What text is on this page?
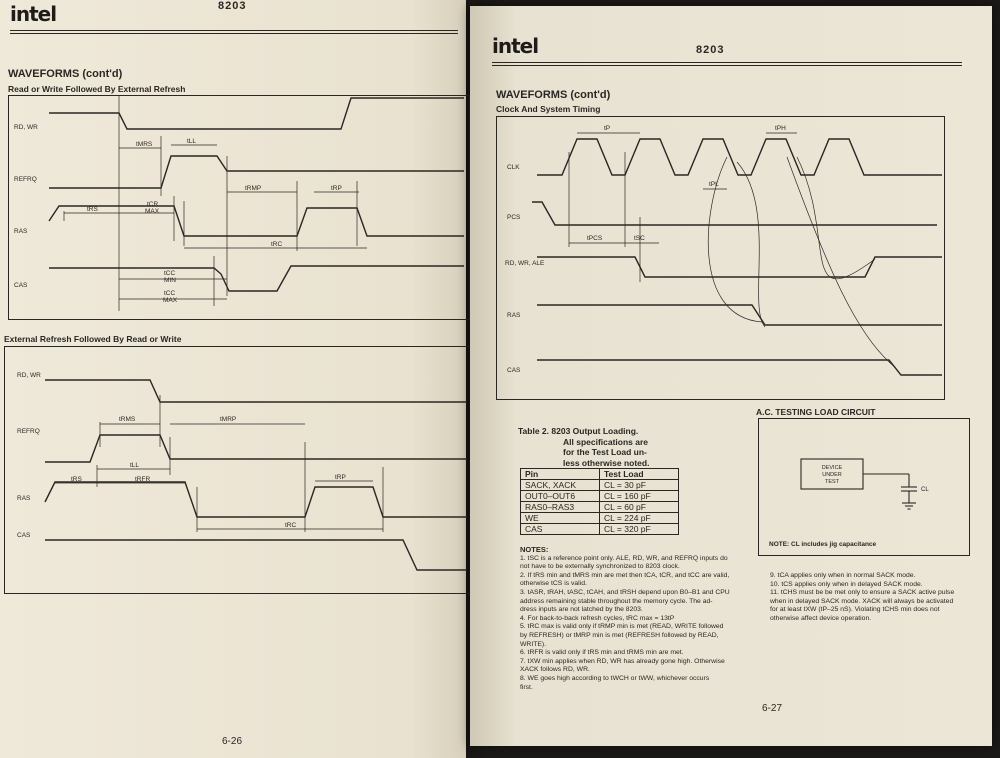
intel	8203
WAVEFORMS (cont'd)
Read or Write Followed By External Refresh
RD, WR
REFRQ
RAS
CAS
tMRS	tLL
tCR
MAX
tRMP	tRP
tRS
tRC
tCC
MIN
tCC
MAX
External Refresh Followed By Read or Write
RD, WR
REFRQ
RAS
CAS
tRMS	tMRP
tLL
tRS	tRFR	tRP
tRC
6-26
intel	8203
WAVEFORMS (cont'd)
Clock And System Timing
CLK
PCS
RD, WR, ALE
RAS
CAS
tP	tPH
tPL
tPCS	tSC
Table 2. 8203 Output Loading.
All specifications are
for the Test Load un-
less otherwise noted.
Pin	Test Load
SACK, XACK	CL = 30 pF
OUT0–OUT6	CL = 160 pF
RAS0–RAS3	CL = 60 pF
WE	CL = 224 pF
CAS	CL = 320 pF
A.C. TESTING LOAD CIRCUIT
DEVICE
UNDER
TEST
CL
NOTE: CL includes jig capacitance
NOTES:
1. tSC is a reference point only. ALE, RD, WR, and REFRQ inputs do
not have to be externally synchronized to 8203 clock.
2. If tRS min and tMRS min are met then tCA, tCR, and tCC are valid,
otherwise tCS is valid.
3. tASR, tRAH, tASC, tCAH, and tRSH depend upon B0–B1 and CPU
address remaining stable throughout the memory cycle. The ad-
dress inputs are not latched by the 8203.
4. For back-to-back refresh cycles, tRC max = 13tP
5. tRC max is valid only if tRMP min is met (READ, WRITE followed
by REFRESH) or tMRP min is met (REFRESH followed by READ,
WRITE).
6. tRFR is valid only if tRS min and tRMS min are met.
7. tXW min applies when RD, WR has already gone high. Otherwise
XACK follows RD, WR.
8. WE goes high according to tWCH or tWW, whichever occurs
first.
9. tCA applies only when in normal SACK mode.
10. tCS applies only when in delayed SACK mode.
11. tCHS must be be met only to ensure a SACK active pulse
when in delayed SACK mode. XACK will always be activated
for at least tXW (tP–25 nS). Violating tCHS min does not
otherwise affect device operation.
6-27
